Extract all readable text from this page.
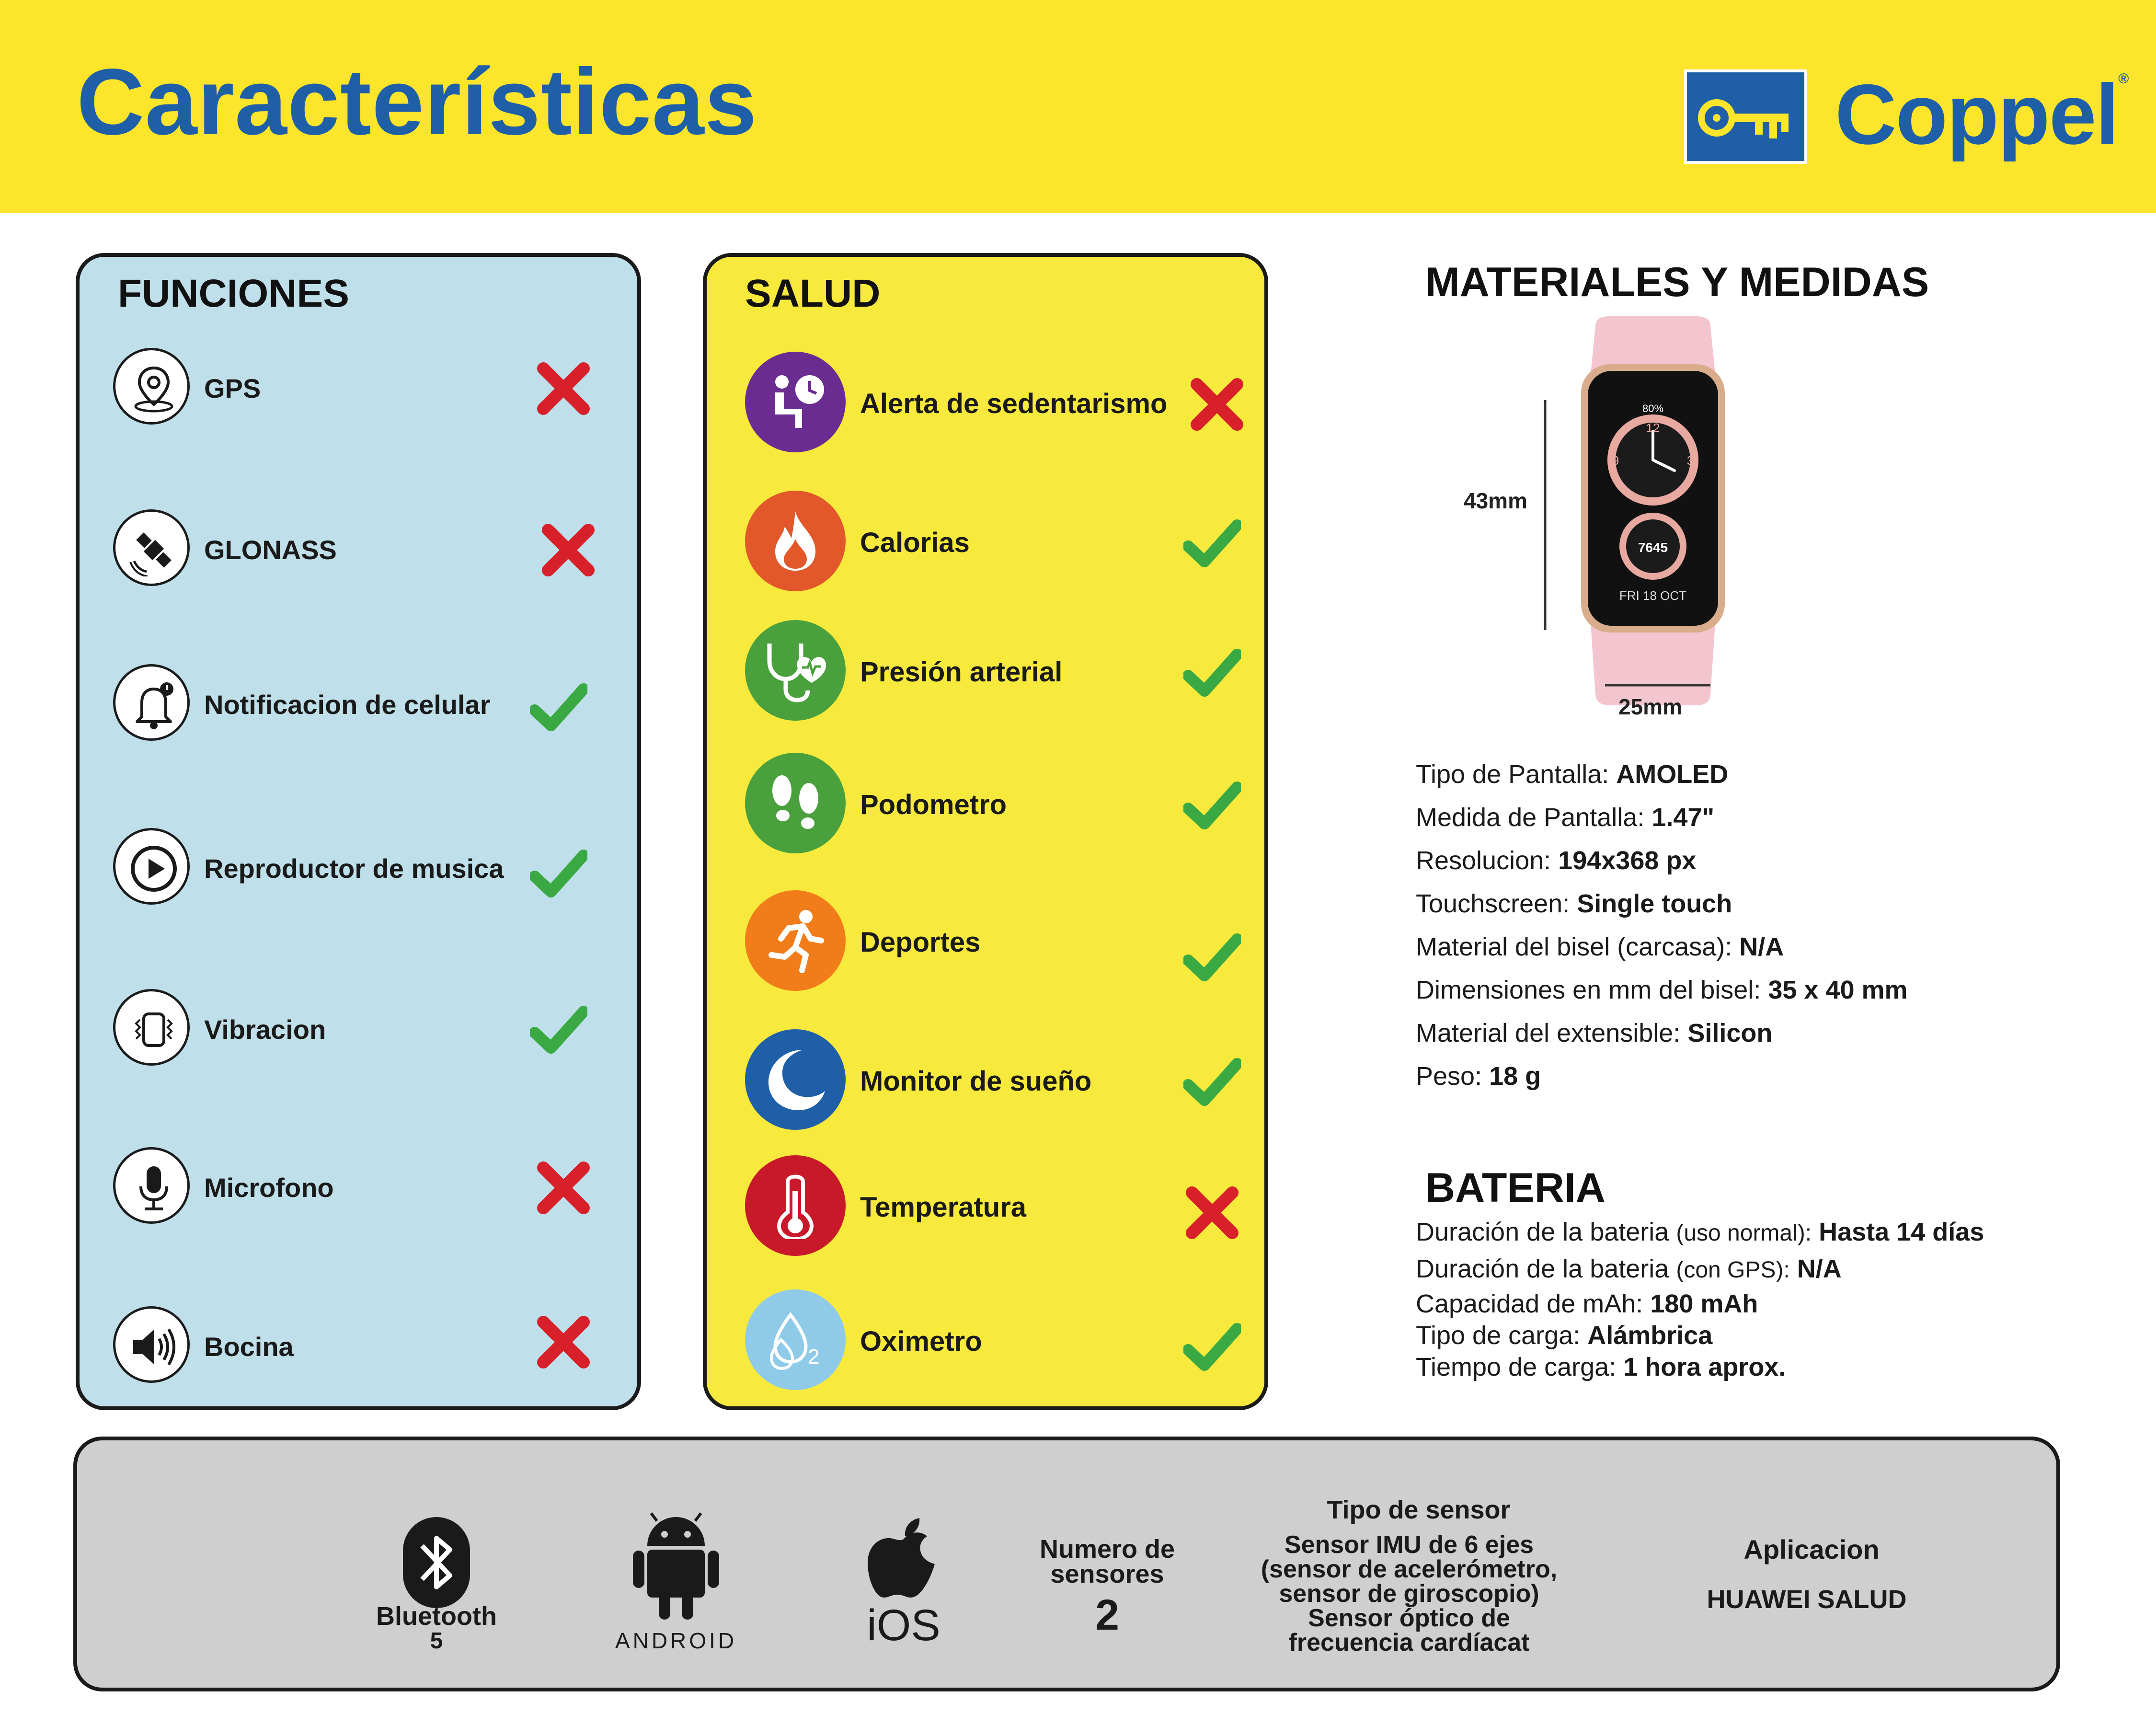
Características	Coppel®
FUNCIONES
GPS
GLONASS
Notificacion de celular
Reproductor de musica
Vibracion
Microfono
Bocina
SALUD
Alerta de sedentarismo
Calorias
Presión arterial
Podometro
Deportes
Monitor de sueño
Temperatura
2 Oximetro
MATERIALES Y MEDIDAS
80%
12
3
9
7645
FRI 18 OCT
43mm
25mm
Tipo de Pantalla: AMOLED
Medida de Pantalla: 1.47"
Resolucion: 194x368 px
Touchscreen: Single touch
Material del bisel (carcasa): N/A
Dimensiones en mm del bisel: 35 x 40 mm
Material del extensible: Silicon
Peso: 18 g
BATERIA
Duración de la bateria (uso normal): Hasta 14 días
Duración de la bateria (con GPS): N/A
Capacidad de mAh: 180 mAh
Tipo de carga: Alámbrica
Tiempo de carga: 1 hora aprox.
Bluetooth
5	ANDROID	iOS
Numero de
sensores
2
Tipo de sensor
Sensor IMU de 6 ejes
(sensor de acelerómetro,
sensor de giroscopio)
Sensor óptico de
frecuencia cardíacat
Aplicacion
HUAWEI SALUD
